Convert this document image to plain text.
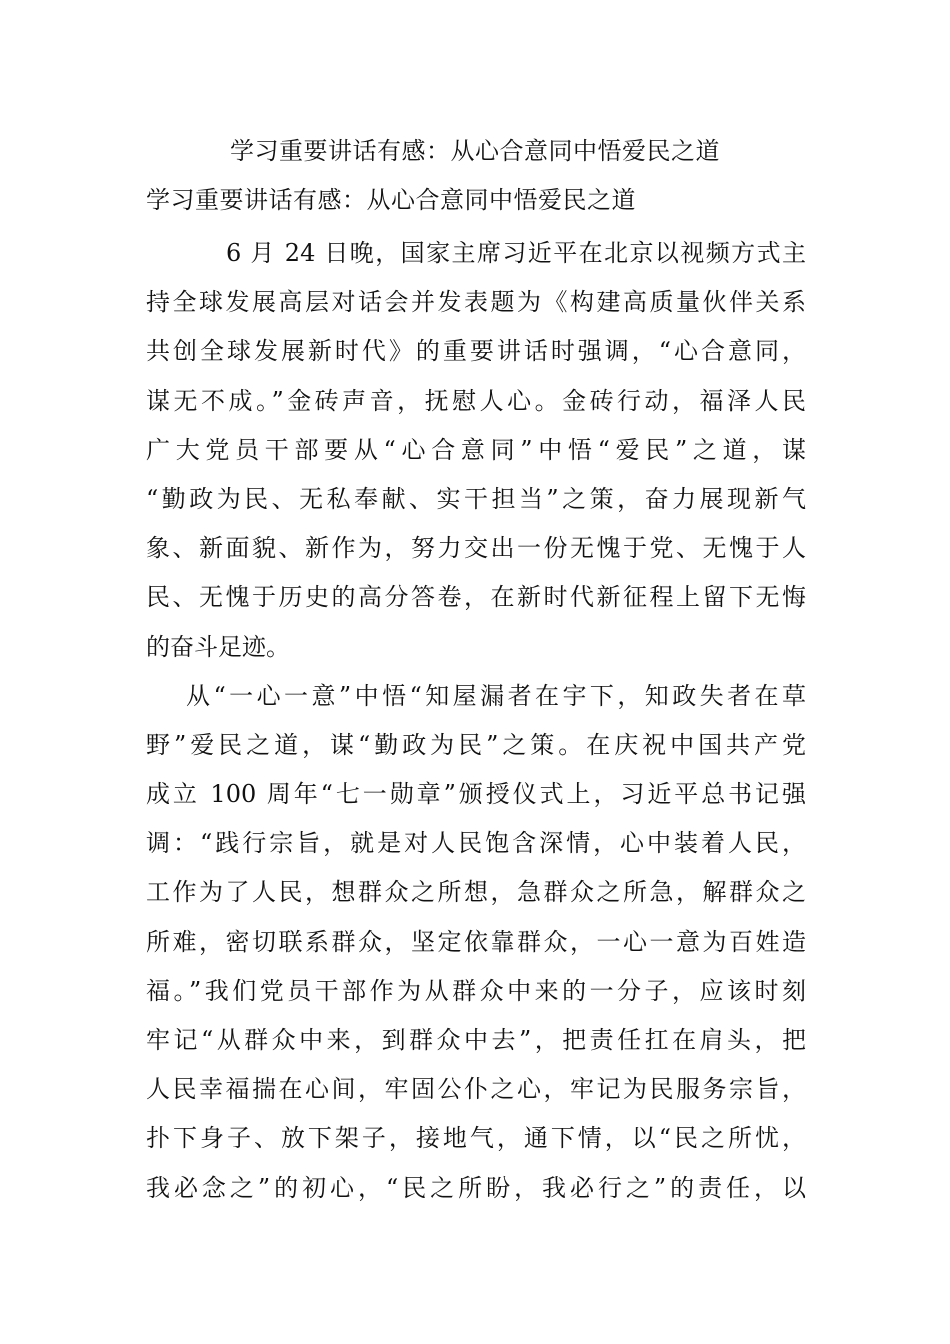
学习重要讲话有感：从心合意同中悟爱民之道
学习重要讲话有感：从心合意同中悟爱民之道
6 月 24 日晚，国家主席习近平在北京以视频方式主
持全球发展高层对话会并发表题为《构建高质量伙伴关系
共创全球发展新时代》的重要讲话时强调，“心合意同，
谋无不成。”金砖声音，抚慰人心。金砖行动，福泽人民
广大党员干部要从“心合意同”中悟“爱民”之道，谋
“勤政为民、无私奉献、实干担当”之策，奋力展现新气
象、新面貌、新作为，努力交出一份无愧于党、无愧于人
民、无愧于历史的高分答卷，在新时代新征程上留下无悔
的奋斗足迹。
从“一心一意”中悟“知屋漏者在宇下，知政失者在草
野”爱民之道，谋“勤政为民”之策。在庆祝中国共产党
成立 100 周年“七一勋章”颁授仪式上，习近平总书记强
调：“践行宗旨，就是对人民饱含深情，心中装着人民，
工作为了人民，想群众之所想，急群众之所急，解群众之
所难，密切联系群众，坚定依靠群众，一心一意为百姓造
福。”我们党员干部作为从群众中来的一分子，应该时刻
牢记“从群众中来，到群众中去”，把责任扛在肩头，把
人民幸福揣在心间，牢固公仆之心，牢记为民服务宗旨，
扑下身子、放下架子，接地气，通下情，以“民之所忧，
我必念之”的初心，“民之所盼，我必行之”的责任，以
